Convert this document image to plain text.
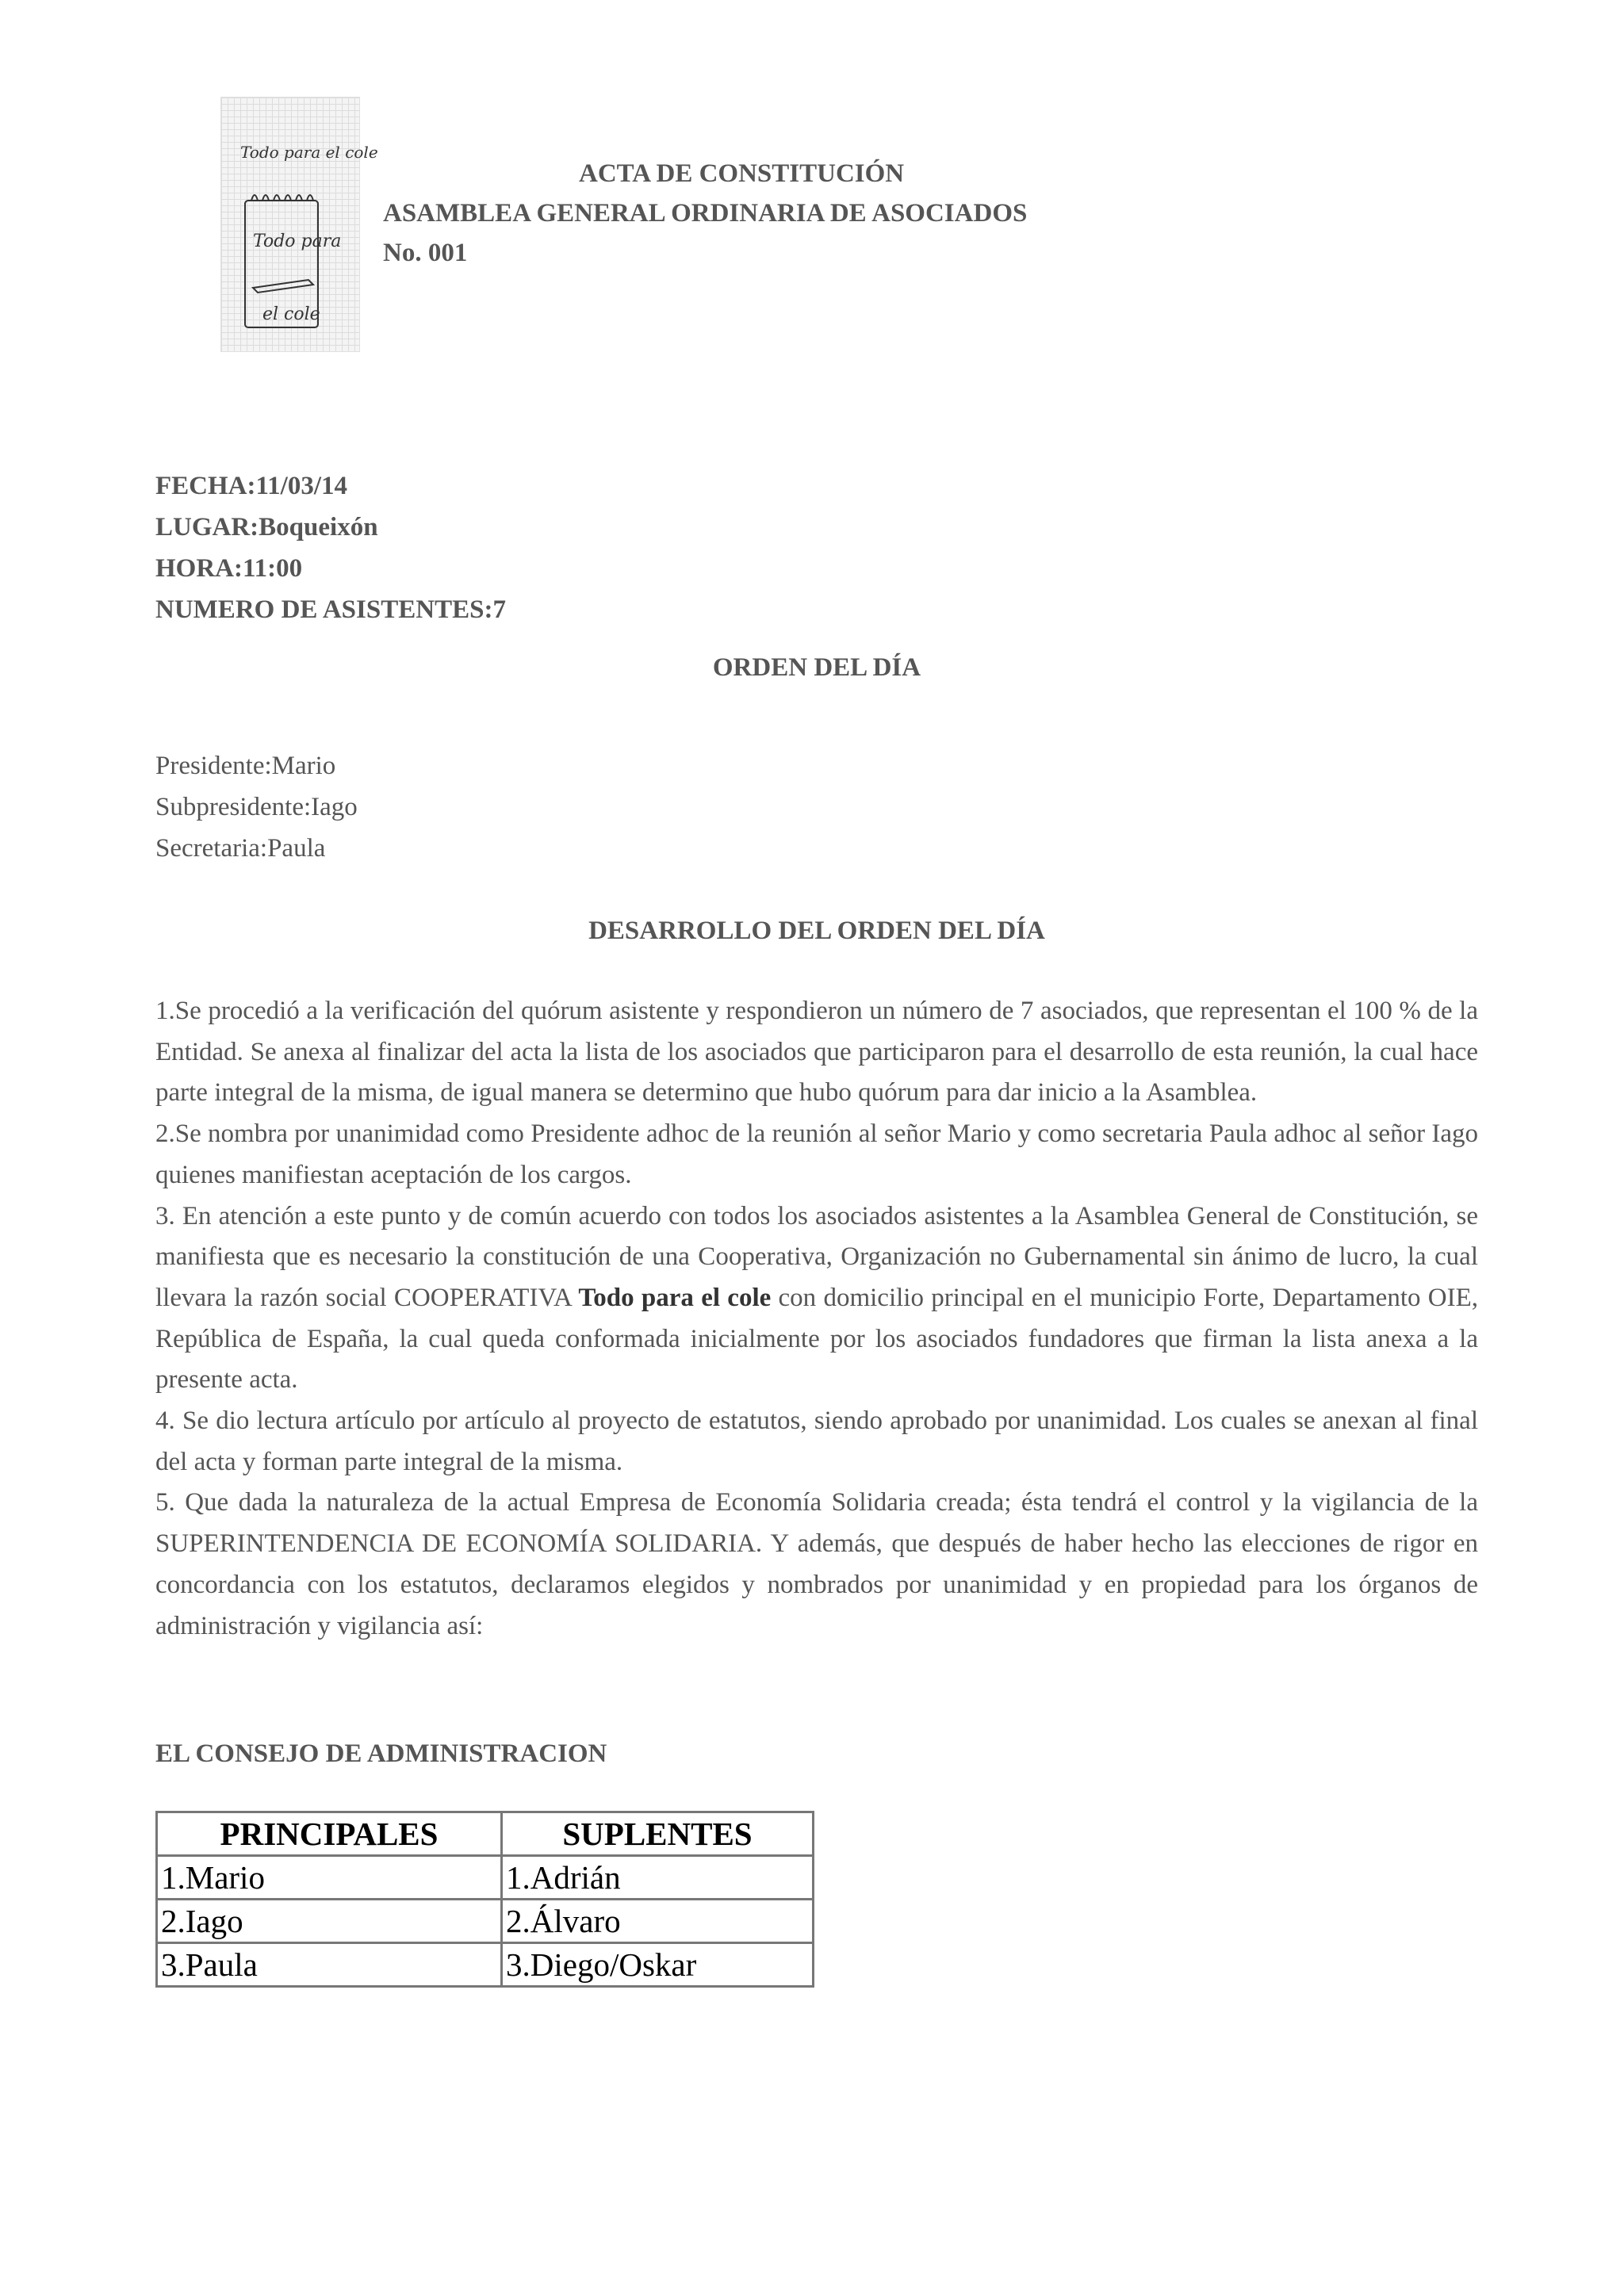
Todo para el cole
Todo para
el cole
ACTA DE CONSTITUCIÓN
ASAMBLEA GENERAL ORDINARIA DE ASOCIADOS
No. 001
FECHA:11/03/14
LUGAR:Boqueixón
HORA:11:00
NUMERO DE ASISTENTES:7
ORDEN DEL DÍA
Presidente:Mario
Subpresidente:Iago
Secretaria:Paula
DESARROLLO DEL ORDEN DEL DÍA

1.Se procedió a la verificación del quórum asistente y respondieron un número de 7 asociados, que representan el 100 % de la Entidad. Se anexa al finalizar del acta la lista de los asociados que participaron para el desarrollo de esta reunión, la cual hace parte integral de la misma, de igual manera se determino que hubo quórum para dar inicio a la Asamblea.

2.Se nombra por unanimidad como Presidente adhoc de la reunión al señor Mario y como secretaria Paula adhoc al señor Iago quienes manifiestan aceptación de los cargos.

3. En atención a este punto y de común acuerdo con todos los asociados asistentes a la Asamblea General de Constitución, se manifiesta que es necesario la constitución de una Cooperativa, Organización no Gubernamental sin ánimo de lucro, la cual llevara la razón social COOPERATIVA Todo para el cole con domicilio principal en el municipio Forte, Departamento OIE, República de España, la cual queda conformada inicialmente por los asociados fundadores que firman la lista anexa a la presente acta.

4. Se dio lectura artículo por artículo al proyecto de estatutos, siendo aprobado por unanimidad. Los cuales se anexan al final del acta y forman parte integral de la misma.

5. Que dada la naturaleza de la actual Empresa de Economía Solidaria creada; ésta tendrá el control y la vigilancia de la SUPERINTENDENCIA DE ECONOMÍA SOLIDARIA. Y además, que después de haber hecho las elecciones de rigor en concordancia con los estatutos, declaramos elegidos y nombrados por unanimidad y en propiedad para los órganos de administración y vigilancia así:

EL CONSEJO DE ADMINISTRACION
PRINCIPALES	SUPLENTES
1.Mario	1.Adrián
2.Iago	2.Álvaro
3.Paula	3.Diego/Oskar
